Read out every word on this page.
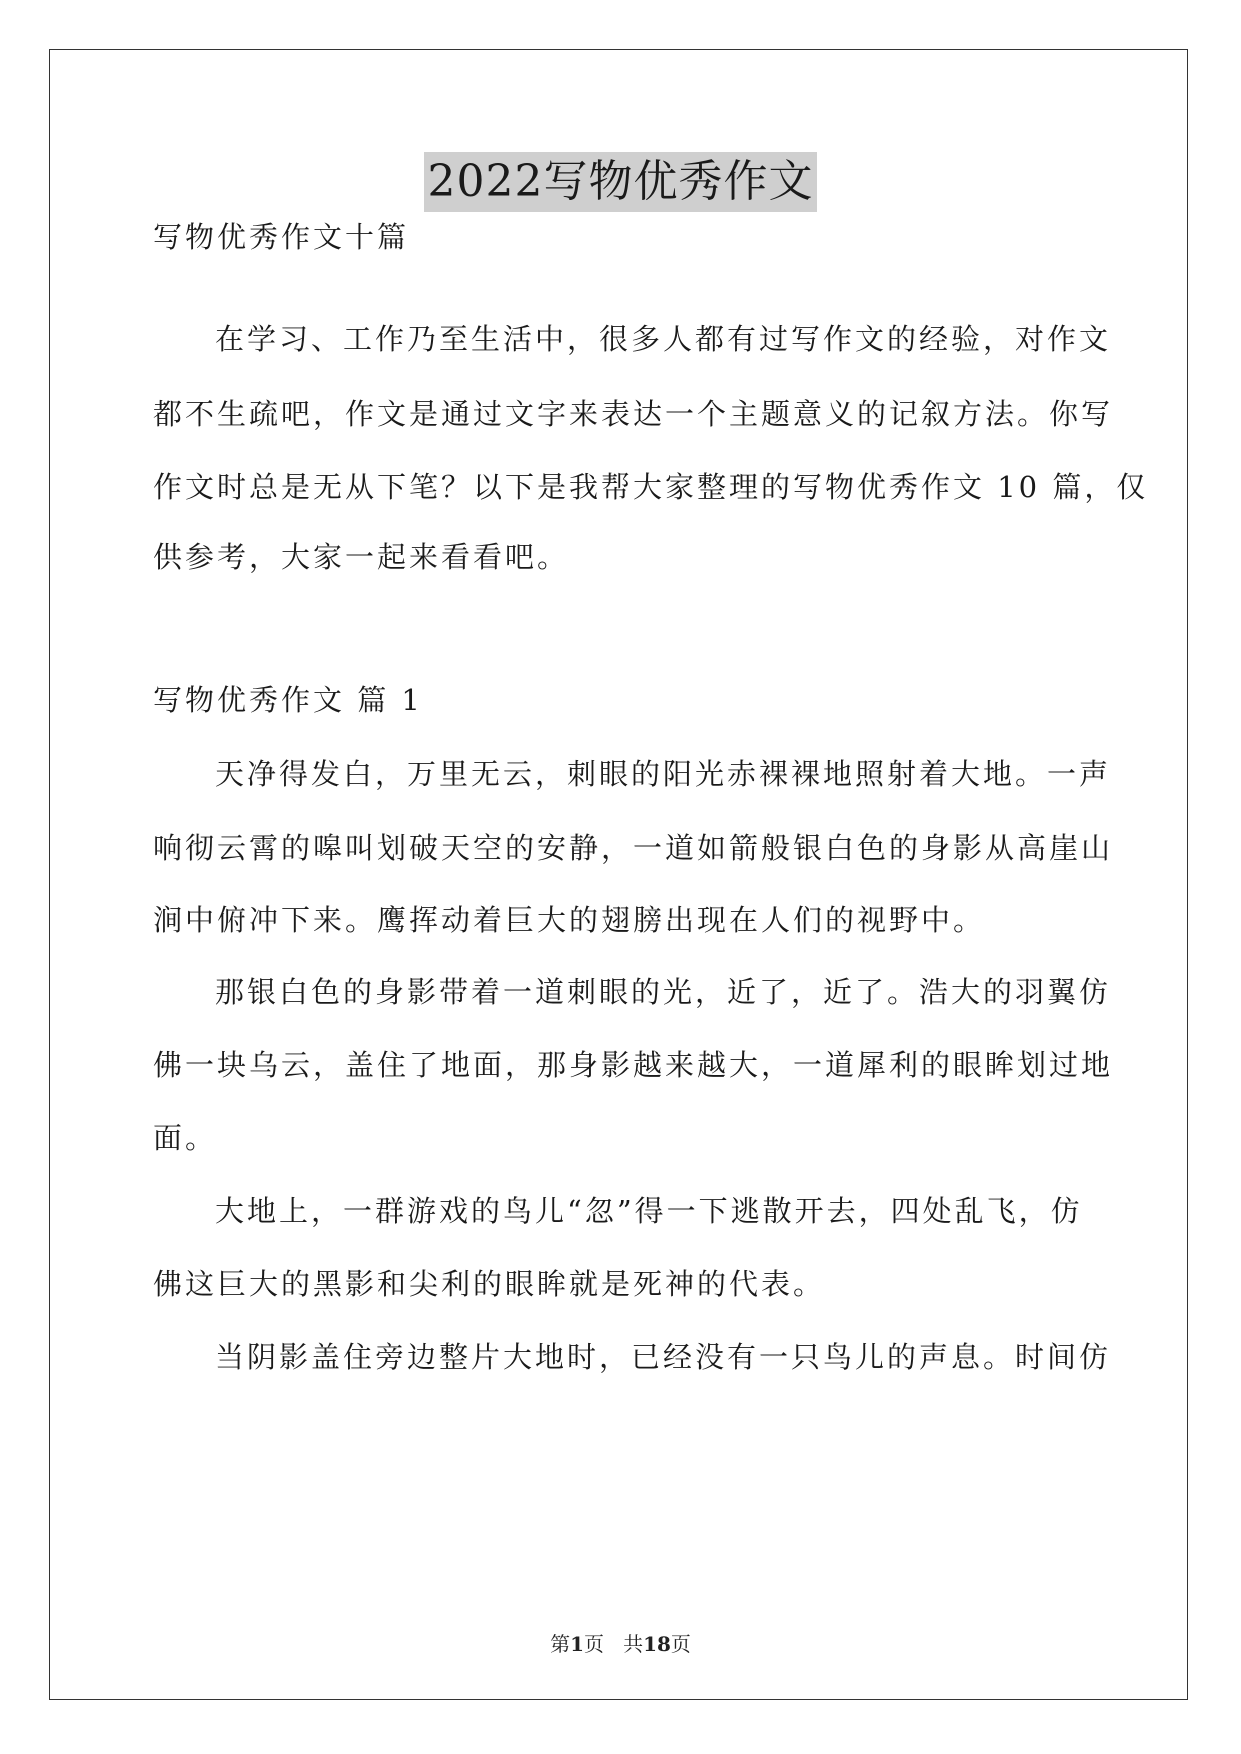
2022写物优秀作文
写物优秀作文十篇
在学习、工作乃至生活中，很多人都有过写作文的经验，对作文
都不生疏吧，作文是通过文字来表达一个主题意义的记叙方法。你写
作文时总是无从下笔？以下是我帮大家整理的写物优秀作文 10 篇，仅
供参考，大家一起来看看吧。
写物优秀作文 篇 1
天净得发白，万里无云，刺眼的阳光赤裸裸地照射着大地。一声
响彻云霄的嗥叫划破天空的安静，一道如箭般银白色的身影从高崖山
涧中俯冲下来。鹰挥动着巨大的翅膀出现在人们的视野中。
那银白色的身影带着一道刺眼的光，近了，近了。浩大的羽翼仿
佛一块乌云，盖住了地面，那身影越来越大，一道犀利的眼眸划过地
面。
大地上，一群游戏的鸟儿“忽”得一下逃散开去，四处乱飞，仿
佛这巨大的黑影和尖利的眼眸就是死神的代表。
当阴影盖住旁边整片大地时，已经没有一只鸟儿的声息。时间仿
第1页 共18页
